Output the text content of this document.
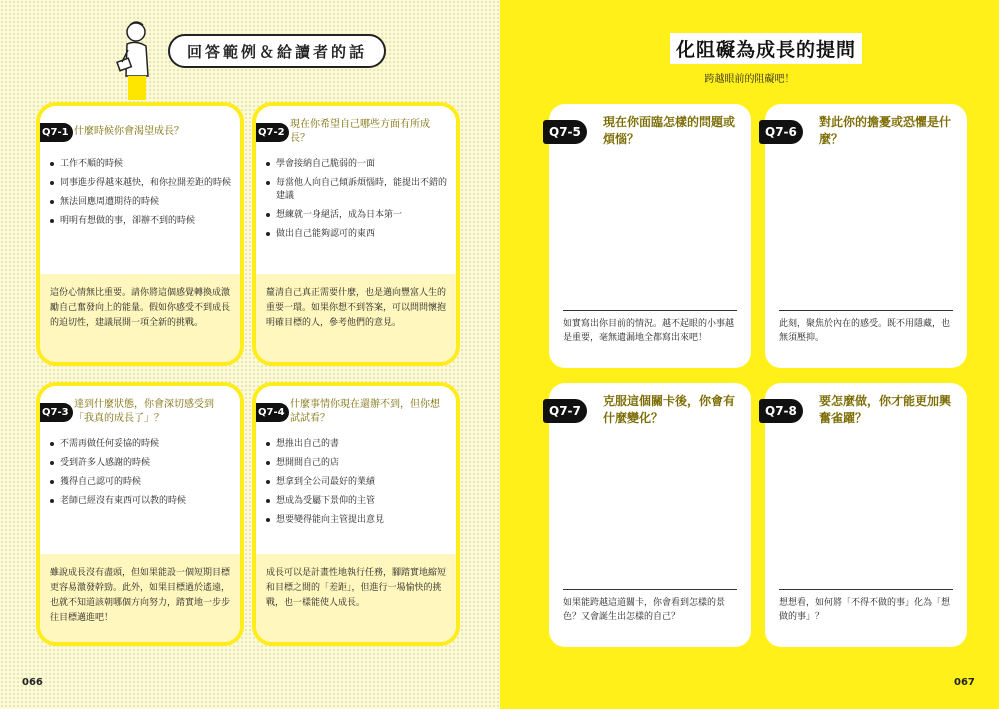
回答範例＆給讀者的話
Q7-1 什麼時候你會渴望成長？
工作不順的時候
同事進步得越來越快，和你拉開差距的時候
無法回應周遭期待的時候
明明有想做的事，卻辦不到的時候
這份心情無比重要。請你將這個感覺轉換成激勵自己奮發向上的能量。假如你感受不到成長的迫切性，建議展開一項全新的挑戰。
Q7-2
現在你希望自己哪些方面有所成長？
學會接納自己脆弱的一面
每當他人向自己傾訴煩惱時，能提出不錯的建議
想練就一身絕活，成為日本第一
做出自己能夠認可的東西
釐清自己真正需要什麼，也是邁向豐富人生的重要一環。如果你想不到答案，可以問問懷抱明確目標的人，參考他們的意見。
Q7-3
達到什麼狀態，你會深切感受到「我真的成長了」？
不需再做任何妥協的時候
受到許多人感謝的時候
獲得自己認可的時候
老師已經沒有東西可以教的時候
雖說成長沒有盡頭，但如果能設一個短期目標更容易激發幹勁。此外，如果目標過於遙遠，也就不知道該朝哪個方向努力，踏實地一步步往目標邁進吧！
Q7-4
什麼事情你現在還辦不到，但你想試試看？
想推出自己的書
想開間自己的店
想拿到全公司最好的業績
想成為受屬下景仰的主管
想要變得能向主管提出意見
成長可以是計畫性地執行任務，腳踏實地縮短和目標之間的「差距」，但進行一場愉快的挑戰，也一樣能使人成長。
066
化阻礙為成長的提問
跨越眼前的阻礙吧！
Q7-5
現在你面臨怎樣的問題或煩惱？
如實寫出你目前的情況。越不起眼的小事越是重要，毫無遺漏地全都寫出來吧！
Q7-6
對此你的擔憂或恐懼是什麼？
此刻，聚焦於內在的感受。既不用隱藏，也無須壓抑。
Q7-7
克服這個關卡後，你會有什麼變化？
如果能跨越這道關卡，你會看到怎樣的景色？又會誕生出怎樣的自己？
Q7-8
要怎麼做，你才能更加興奮雀躍？
想想看，如何將「不得不做的事」化為「想做的事」？
067
